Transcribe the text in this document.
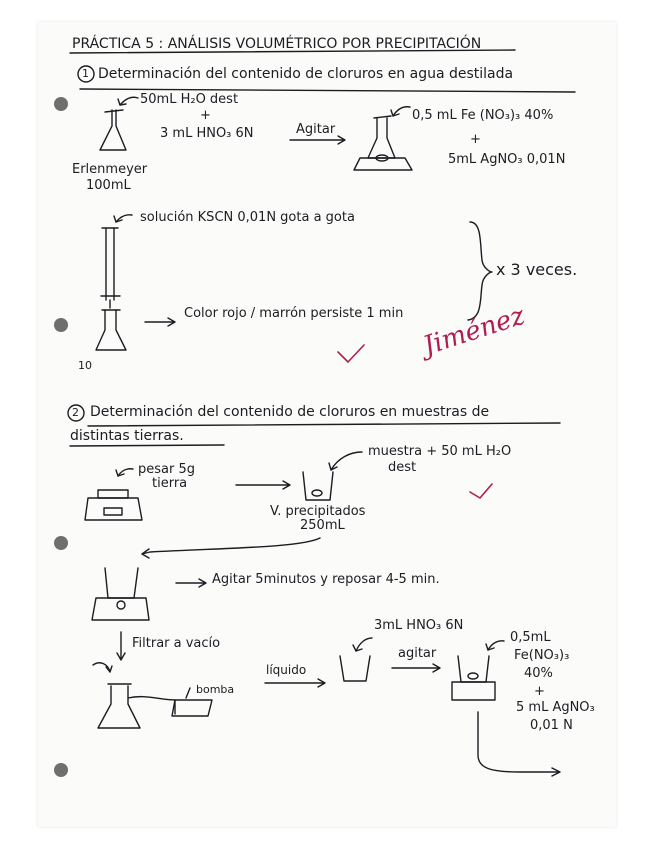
PRÁCTICA 5 : ANÁLISIS VOLUMÉTRICO POR PRECIPITACIÓN
1 Determinación del contenido de cloruros en agua destilada
50mL H₂O dest
+
3 mL HNO₃ 6N	Agitar
Erlenmeyer
100mL
0,5 mL Fe (NO₃)₃ 40%
+
5mL AgNO₃ 0,01N
solución KSCN 0,01N gota a gota
x 3 veces.
Color rojo / marrón persiste 1 min
10
Jiménez
2 Determinación del contenido de cloruros en muestras de
distintas tierras.
pesar 5g
tierra
muestra + 50 mL H₂O
dest
V. precipitados
250mL
Agitar 5minutos y reposar 4-5 min.
Filtrar a vacío
bomba
líquido
3mL HNO₃ 6N
agitar
0,5mL
Fe(NO₃)₃
40%
+
5 mL AgNO₃
0,01 N
